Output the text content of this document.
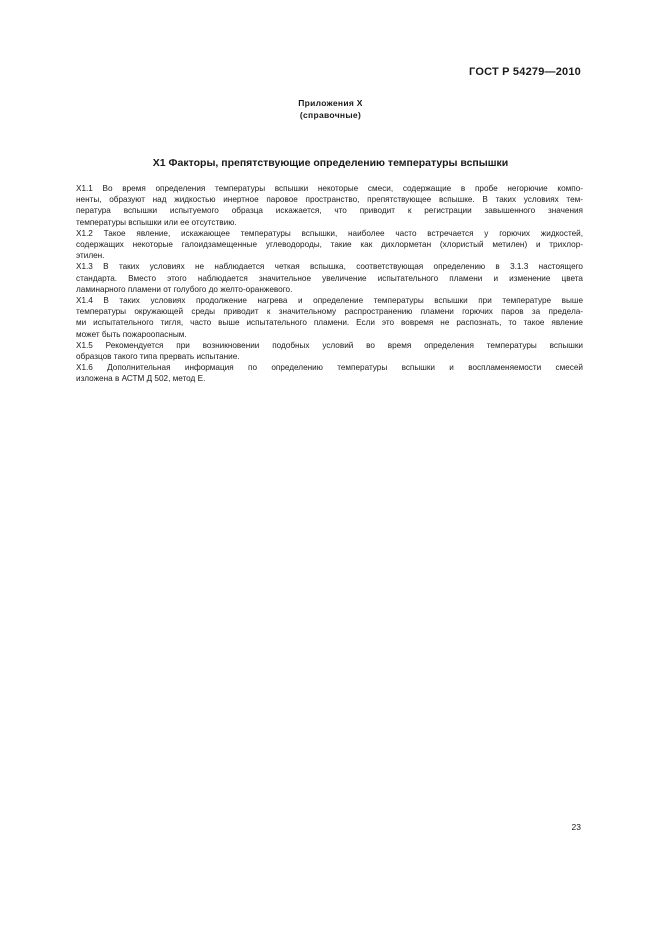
ГОСТ Р 54279—2010
Приложения X
(справочные)
X1 Факторы, препятствующие определению температуры вспышки

Х1.1 Во время определения температуры вспышки некоторые смеси, содержащие в пробе негорючие компо-
ненты, образуют над жидкостью инертное паровое пространство, препятствующее вспышке. В таких условиях тем-
пература вспышки испытуемого образца искажается, что приводит к регистрации завышенного значения
температуры вспышки или ее отсутствию.

Х1.2 Такое явление, искажающее температуры вспышки, наиболее часто встречается у горючих жидкостей,
содержащих некоторые галоидзамещенные углеводороды, такие как дихлорметан (хлористый метилен) и трихлор-
этилен.

Х1.3 В таких условиях не наблюдается четкая вспышка, соответствующая определению в 3.1.3 настоящего
стандарта. Вместо этого наблюдается значительное увеличение испытательного пламени и изменение цвета
ламинарного пламени от голубого до желто-оранжевого.

Х1.4 В таких условиях продолжение нагрева и определение температуры вспышки при температуре выше
температуры окружающей среды приводит к значительному распространению пламени горючих паров за предела-
ми испытательного тигля, часто выше испытательного пламени. Если это вовремя не распознать, то такое явление
может быть пожароопасным.

Х1.5 Рекомендуется при возникновении подобных условий во время определения температуры вспышки
образцов такого типа прервать испытание.

Х1.6 Дополнительная информация по определению температуры вспышки и воспламеняемости смесей
изложена в АСТМ Д 502, метод Е.

23
